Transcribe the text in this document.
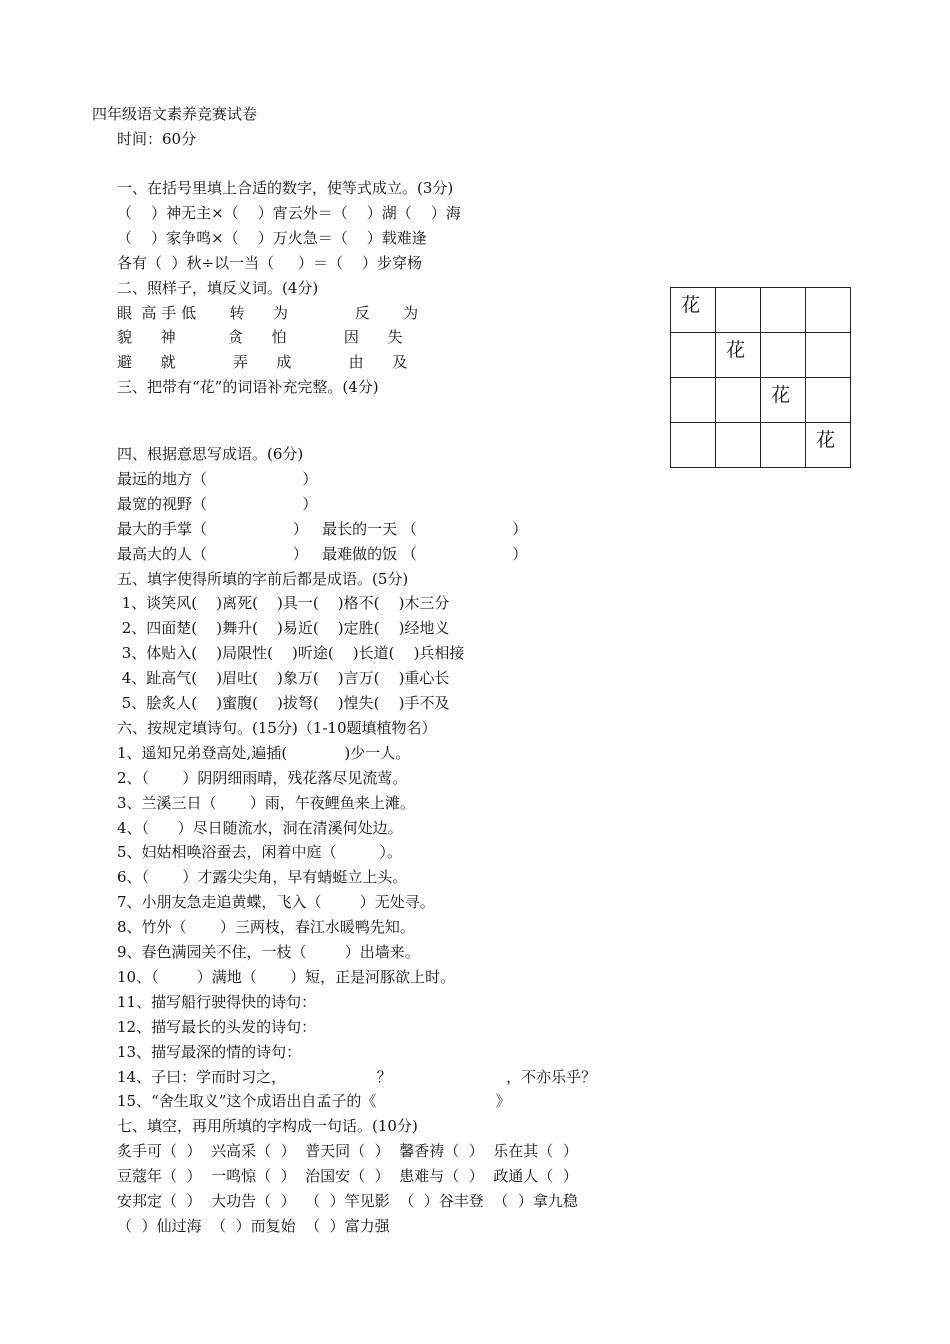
四年级语文素养竞赛试卷
时间：60分
一、在括号里填上合适的数字，使等式成立。(3分)
（    ）神无主×（    ）宵云外＝（    ）湖（    ）海
（    ）家争鸣×（    ）万火急＝（    ）载难逢
各有（  ）秋÷以一当（     ）＝（    ）步穿杨
二、照样子，填反义词。(4分)
眼  高 手 低       转      为              反       为
貌      神           贪      怕            因      失
避      就            弄      成            由      及
三、把带有“花”的词语补充完整。(4分)
四、根据意思写成语。(6分)
最远的地方（                    ）
最宽的视野（                    ）
最大的手掌（                  ）   最长的一天 （                    ）
最高大的人（                  ）   最难做的饭 （                    ）
五、填字使得所填的字前后都是成语。(5分)
1、谈笑风(    )离死(    )具一(    )格不(    )木三分
2、四面楚(    )舞升(    )易近(    )定胜(    )经地义
3、体贴入(    )局限性(    )听途(    )长道(    )兵相接
4、趾高气(    )眉吐(    )象万(    )言万(    )重心长
5、脍炙人(    )蜜腹(    )拔弩(    )惶失(    )手不及
六、按规定填诗句。(15分)（1-10题填植物名）
1、遥知兄弟登高处,遍插(            )少一人。
2、（       ）阴阴细雨晴，残花落尽见流莺。
3、兰溪三日（       ）雨，午夜鲤鱼来上滩。
4、（      ）尽日随流水，洞在清溪何处边。
5、妇姑相唤浴蚕去，闲着中庭（         ）。
6、（       ）才露尖尖角，早有蜻蜓立上头。
7、小朋友急走追黄蝶，飞入（        ）无处寻。
8、竹外（       ）三两枝，春江水暖鸭先知。
9、春色满园关不住，一枝（        ）出墙来。
10、（        ）满地（       ）短，正是河豚欲上时。
11、描写船行驶得快的诗句：
12、描写最长的头发的诗句：
13、描写最深的情的诗句：
14、子曰：学而时习之，                   ？                        ，不亦乐乎？
15、“舍生取义”这个成语出自孟子的《                         》
七、填空，再用所填的字构成一句话。(10分)
炙手可（  ）  兴高采（  ）  普天同（  ）  馨香祷（  ）  乐在其（  ）
豆蔻年（  ）  一鸣惊（  ）  治国安（  ）  患难与（  ）  政通人（  ）
安邦定（  ）  大功告（  ）  （  ）竿见影  （  ）谷丰登  （  ）拿九稳
（  ）仙过海  （  ）而复始  （  ）富力强
花			
	花		
		花	
			花
